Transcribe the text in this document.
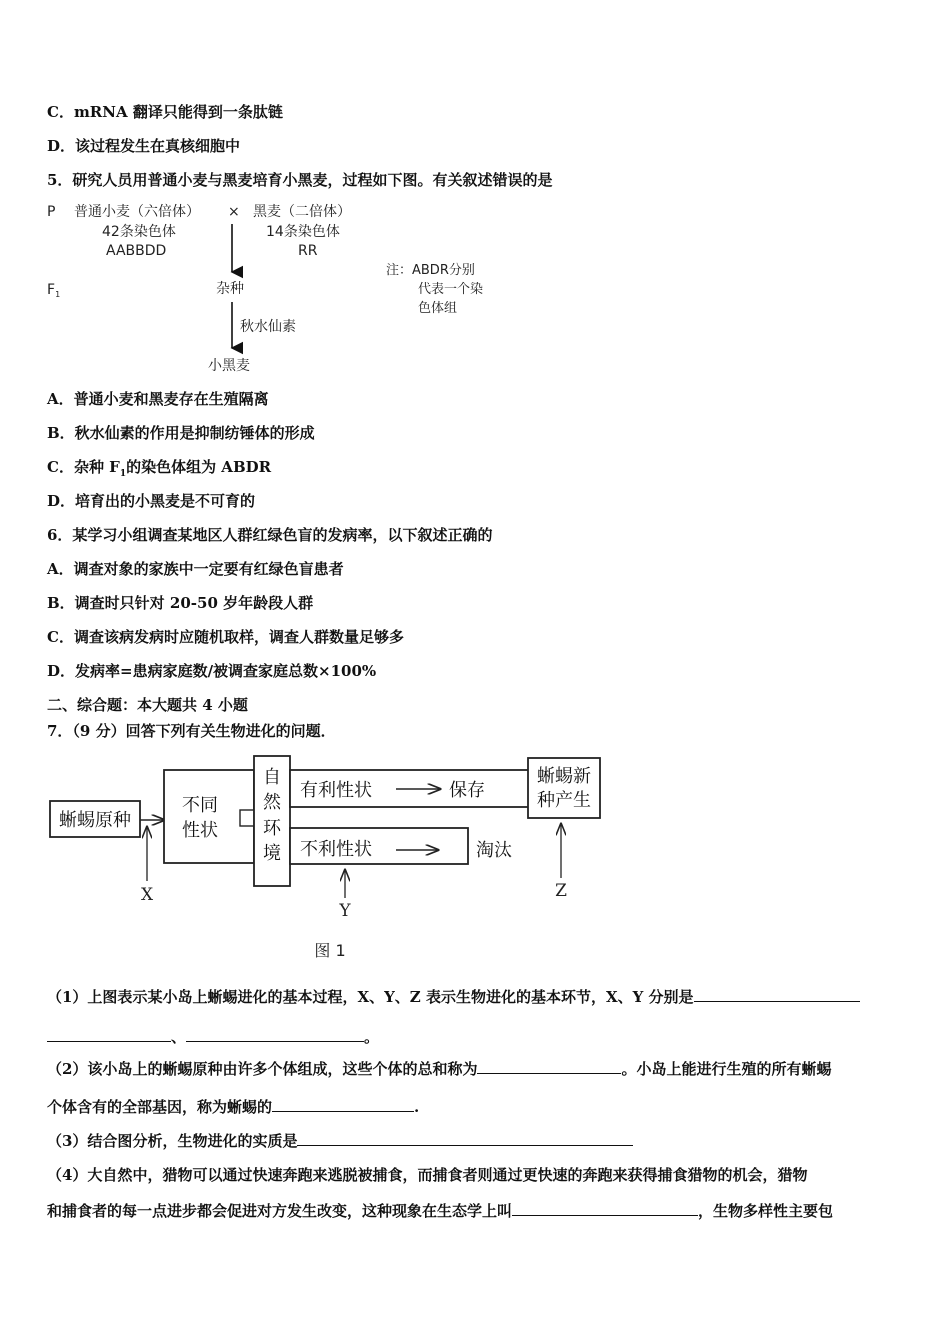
C．mRNA 翻译只能得到一条肽链
D．该过程发生在真核细胞中
5．研究人员用普通小麦与黑麦培育小黑麦，过程如下图。有关叙述错误的是
P 普通小麦（六倍体） × 黑麦（二倍体）
42条染色体
AABBDD
14条染色体
RR
$F_1$	杂种
秋水仙素
小黑麦
注：ABDR分别
代表一个染
色体组
A．普通小麦和黑麦存在生殖隔离
B．秋水仙素的作用是抑制纺锤体的形成
C．杂种 $F_1$的染色体组为 ABDR
D．培育出的小黑麦是不可育的
6．某学习小组调查某地区人群红绿色盲的发病率，以下叙述正确的
A．调查对象的家族中一定要有红绿色盲患者
B．调查时只针对 20-50 岁年龄段人群
C．调查该病发病时应随机取样，调查人群数量足够多
D．发病率=患病家庭数/被调查家庭总数×100%
二、综合题：本大题共 4 小题
7．（9 分）回答下列有关生物进化的问题．
蜥蜴原种
不同
性状
自
然
环
境
有利性状	保存
蜥蜴新
种产生
不利性状	淘汰
X
Y
Z
图 1
（1）上图表示某小岛上蜥蜴进化的基本过程，X、Y、Z 表示生物进化的基本环节，X、Y 分别是
、	。
（2）该小岛上的蜥蜴原种由许多个体组成，这些个体的总和称为	。小岛上能进行生殖的所有蜥蜴
个体含有的全部基因，称为蜥蜴的	.
（3）结合图分析，生物进化的实质是
（4）大自然中，猎物可以通过快速奔跑来逃脱被捕食，而捕食者则通过更快速的奔跑来获得捕食猎物的机会，猎物
和捕食者的每一点进步都会促进对方发生改变，这种现象在生态学上叫	，生物多样性主要包
